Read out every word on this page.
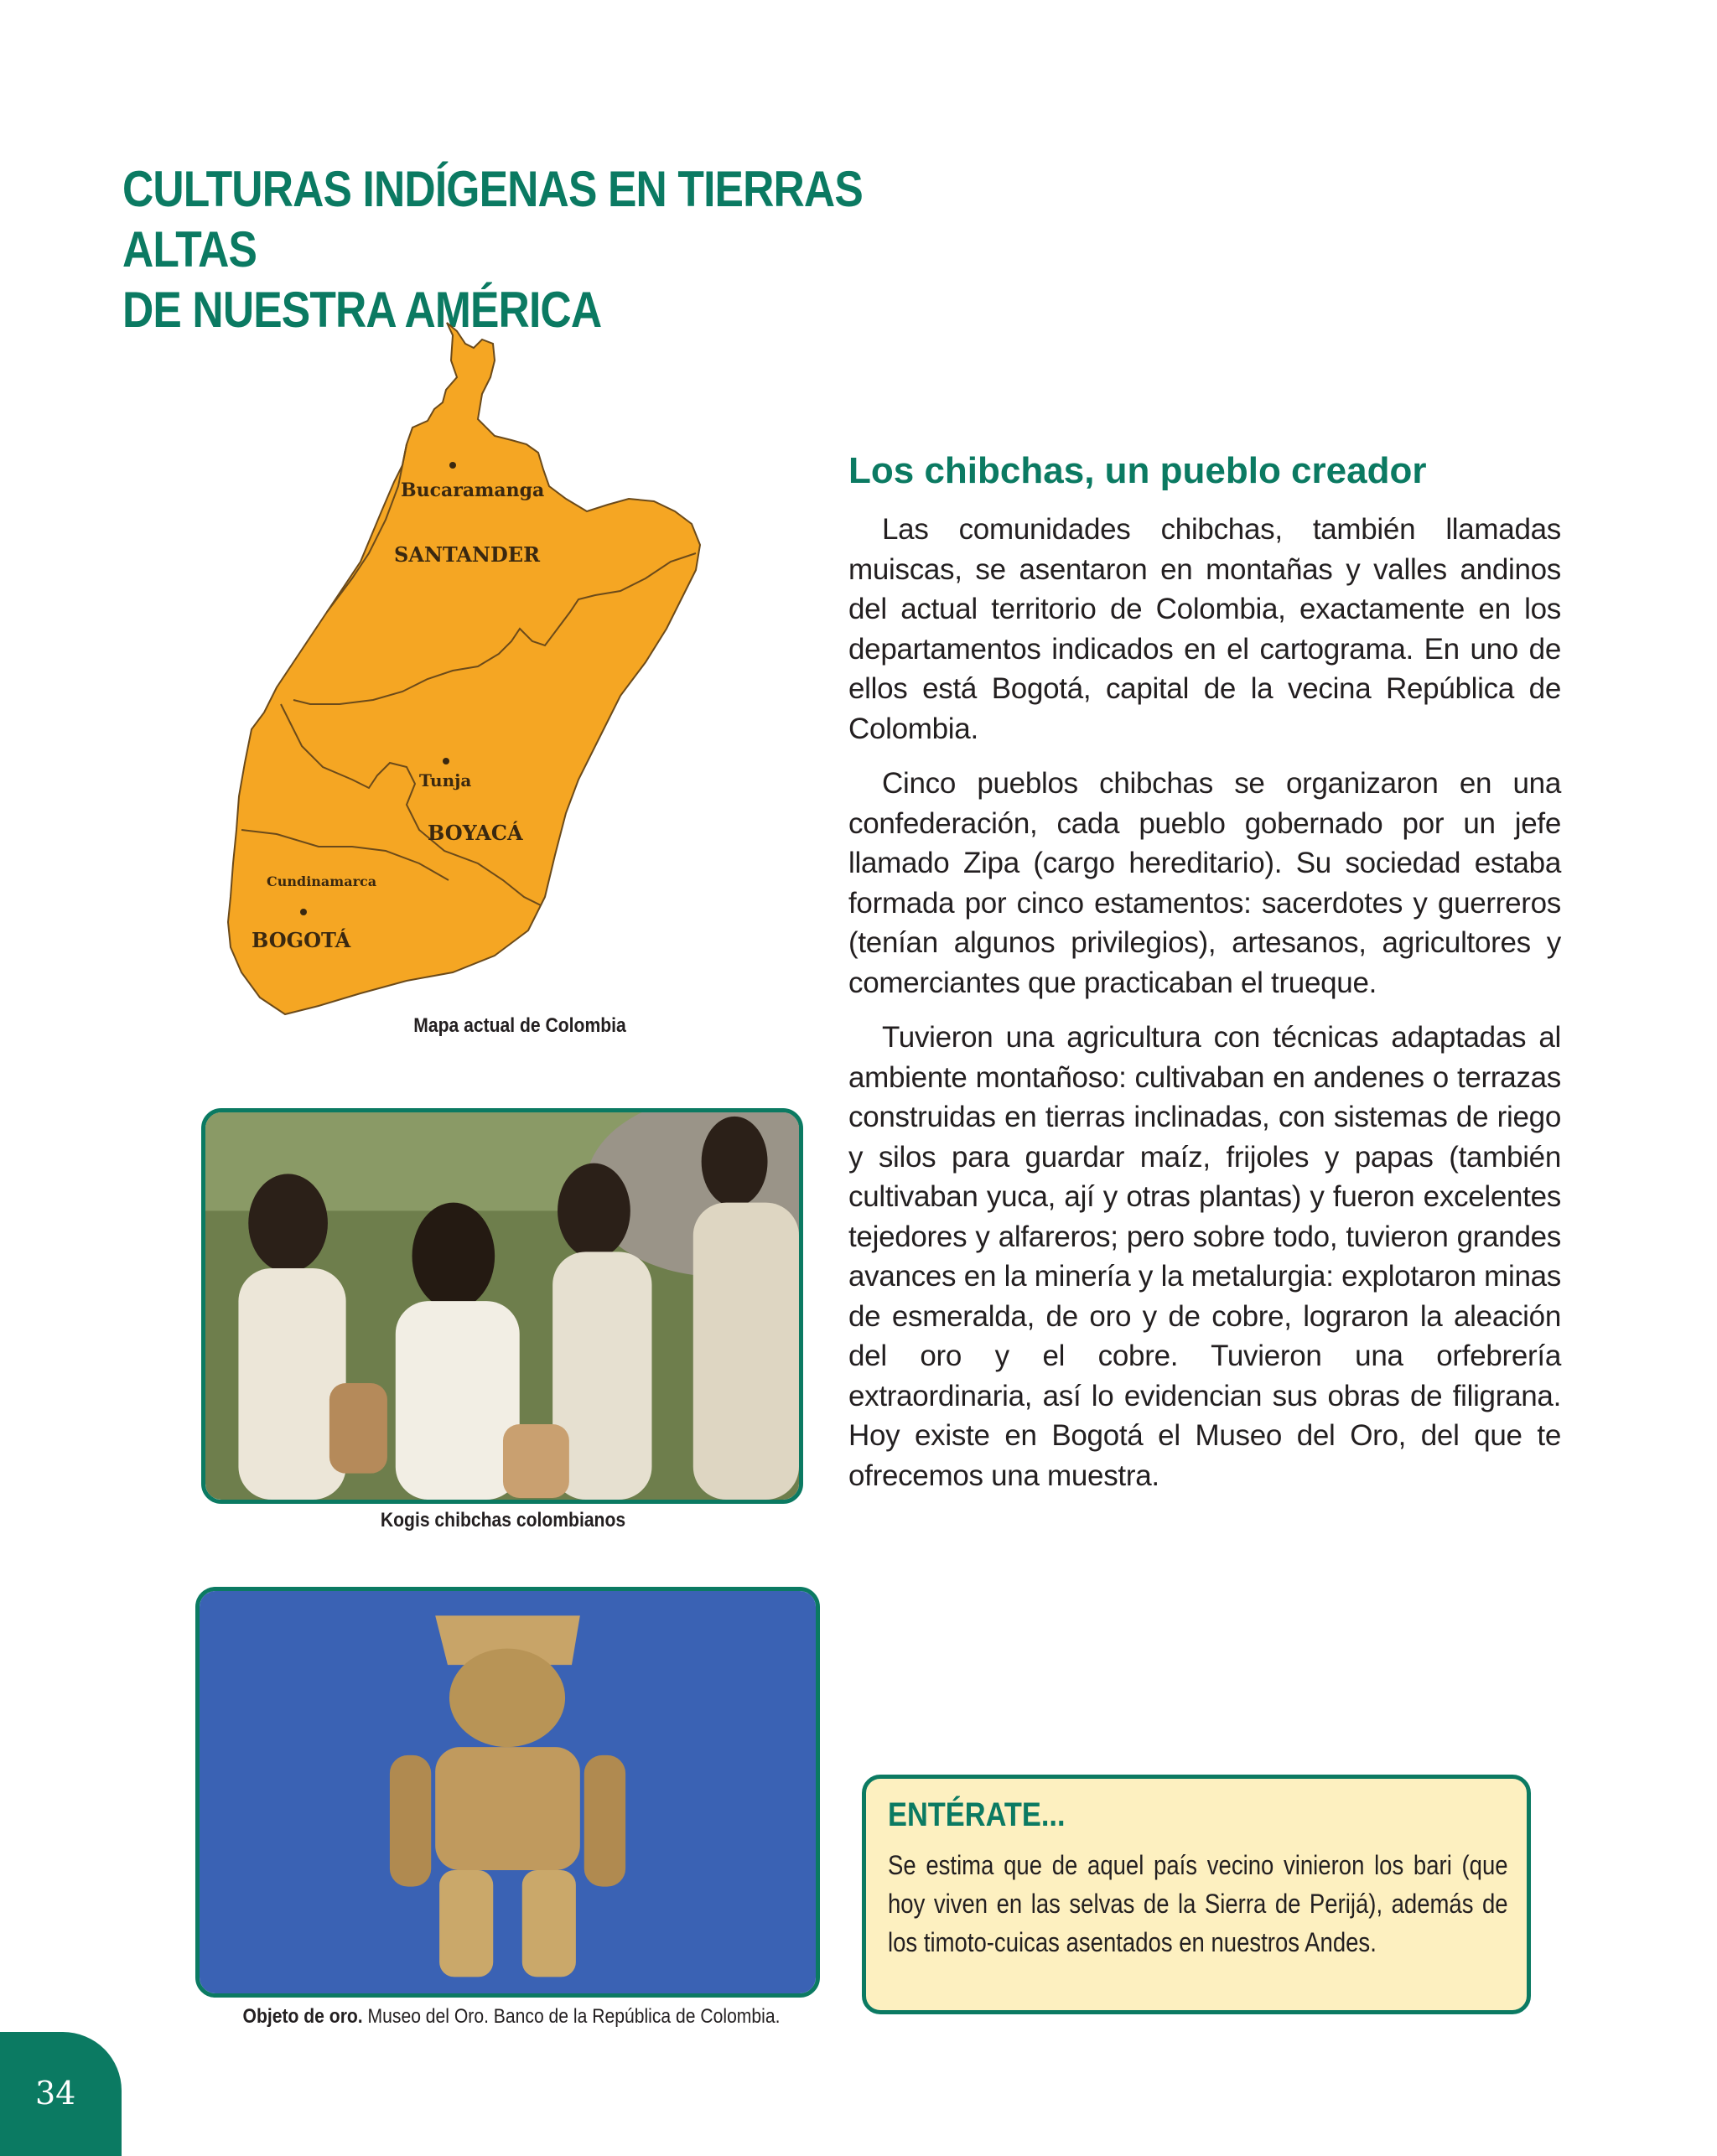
CULTURAS INDÍGENAS EN TIERRAS ALTAS
DE NUESTRA AMÉRICA
Bucaramanga
SANTANDER
Tunja
BOYACÁ
Cundinamarca
BOGOTÁ
Mapa actual de Colombia
Kogis chibchas colombianos
Objeto de oro. Museo del Oro. Banco de la República de Colombia.
Los chibchas, un pueblo creador

Las comunidades chibchas, también llamadas muiscas, se asentaron en montañas y valles andinos del actual territorio de Colombia, exactamente en los departamentos indicados en el cartograma. En uno de ellos está Bogotá, capital de la vecina República de Colombia.

Cinco pueblos chibchas se organizaron en una confederación, cada pueblo gobernado por un jefe llamado Zipa (cargo hereditario). Su sociedad estaba formada por cinco estamentos: sacerdotes y guerreros (tenían algunos privilegios), artesanos, agricultores y comerciantes que practicaban el trueque.

Tuvieron una agricultura con técnicas adaptadas al ambiente montañoso: cultivaban en andenes o terrazas construidas en tierras inclinadas, con sistemas de riego y silos para guardar maíz, frijoles y papas (también cultivaban yuca, ají y otras plantas) y fueron excelentes tejedores y alfareros; pero sobre todo, tuvieron grandes avances en la minería y la metalurgia: explotaron minas de esmeralda, de oro y de cobre, lograron la aleación del oro y el cobre. Tuvieron una orfebrería extraordinaria, así lo evidencian sus obras de filigrana. Hoy existe en Bogotá el Museo del Oro, del que te ofrecemos una muestra.

ENTÉRATE...

Se estima que de aquel país vecino vinieron los bari (que hoy viven en las selvas de la Sierra de Perijá), además de los timoto-cuicas asentados en nuestros Andes.

34
